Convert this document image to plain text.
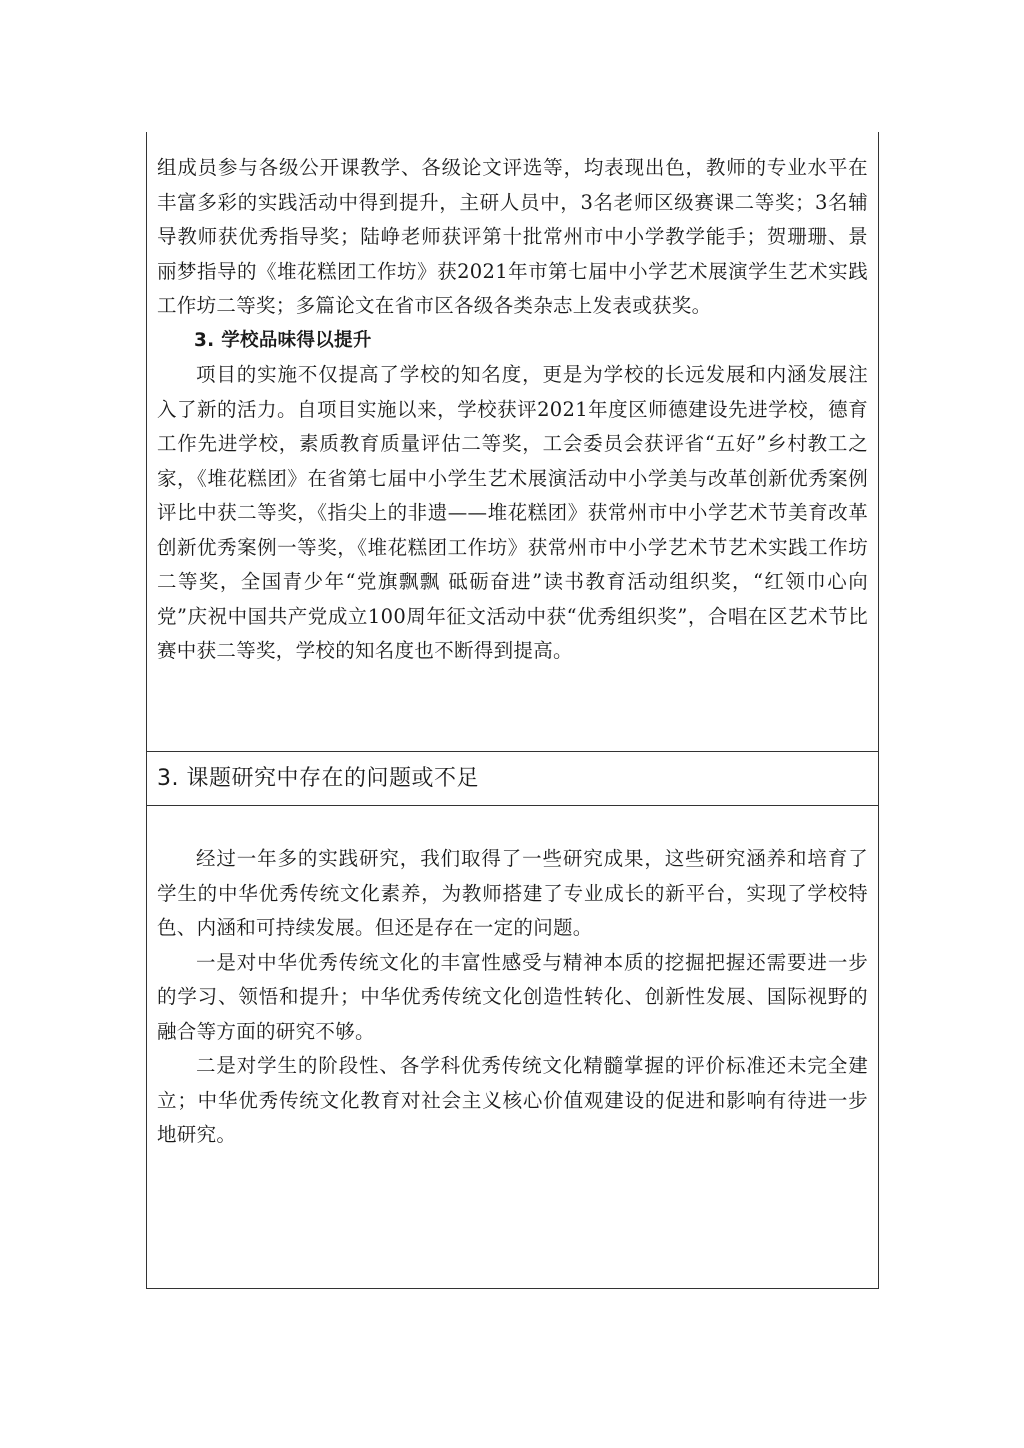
组成员参与各级公开课教学、各级论文评选等，均表现出色，教师的专业水平在丰富多彩的实践活动中得到提升，主研人员中，3名老师区级赛课二等奖；3名辅导教师获优秀指导奖；陆峥老师获评第十批常州市中小学教学能手；贺珊珊、景丽梦指导的《堆花糕团工作坊》获2021年市第七届中小学艺术展演学生艺术实践工作坊二等奖；多篇论文在省市区各级各类杂志上发表或获奖。

3. 学校品味得以提升

项目的实施不仅提高了学校的知名度，更是为学校的长远发展和内涵发展注入了新的活力。自项目实施以来，学校获评2021年度区师德建设先进学校，德育工作先进学校，素质教育质量评估二等奖，工会委员会获评省“五好”乡村教工之家，《堆花糕团》在省第七届中小学生艺术展演活动中小学美与改革创新优秀案例评比中获二等奖，《指尖上的非遗——堆花糕团》获常州市中小学艺术节美育改革创新优秀案例一等奖，《堆花糕团工作坊》获常州市中小学艺术节艺术实践工作坊二等奖，全国青少年“党旗飘飘 砥砺奋进”读书教育活动组织奖，“红领巾心向党”庆祝中国共产党成立100周年征文活动中获“优秀组织奖”，合唱在区艺术节比赛中获二等奖，学校的知名度也不断得到提高。

3. 课题研究中存在的问题或不足

经过一年多的实践研究，我们取得了一些研究成果，这些研究涵养和培育了学生的中华优秀传统文化素养，为教师搭建了专业成长的新平台，实现了学校特色、内涵和可持续发展。但还是存在一定的问题。

一是对中华优秀传统文化的丰富性感受与精神本质的挖掘把握还需要进一步的学习、领悟和提升；中华优秀传统文化创造性转化、创新性发展、国际视野的融合等方面的研究不够。

二是对学生的阶段性、各学科优秀传统文化精髓掌握的评价标准还未完全建立；中华优秀传统文化教育对社会主义核心价值观建设的促进和影响有待进一步地研究。
